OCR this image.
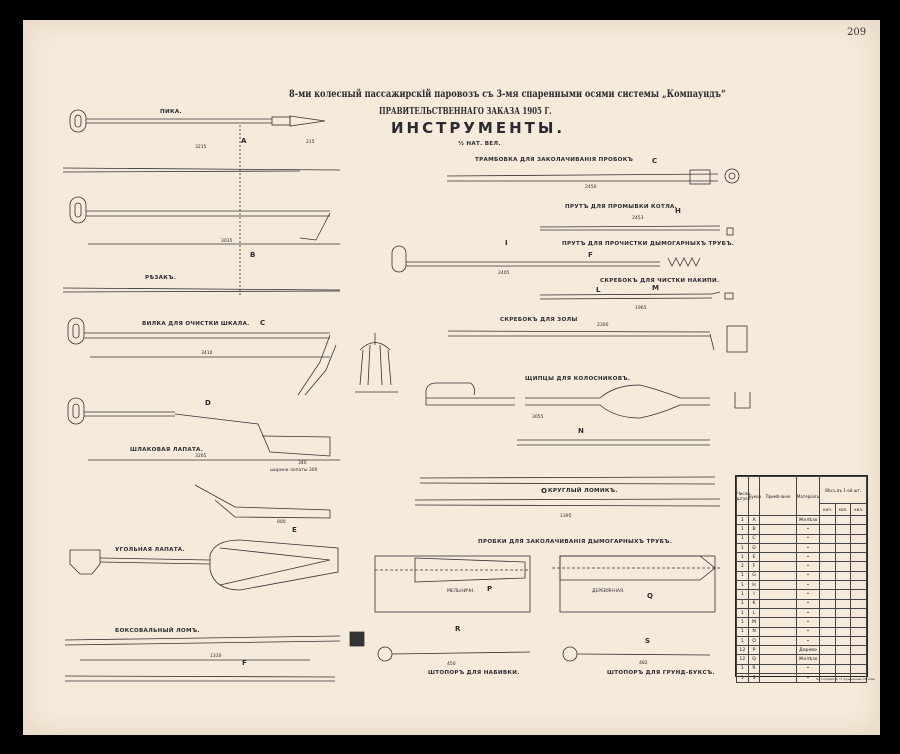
209
8-ми колесный пассажирскій паровозъ съ 3-мя спаренными осями системы „Компаундъ“
ПРАВИТЕЛЬСТВЕННАГО ЗАКАЗА 1905 Г.
ИНСТРУМЕНТЫ.
½ НАТ. ВЕЛ.
ПИКА.
РѢЗАКЪ.
ВИЛКА ДЛЯ ОЧИСТКИ ШКАЛА.
ШЛАКОВАЯ ЛАПАТА.
ширина лопаты 300
УГОЛЬНАЯ ЛАПАТА.
БОКСОВАЛЬНЫЙ ЛОМЪ.
ТРАМБОВКА ДЛЯ ЗАКОЛАЧИВАНІЯ ПРОБОКЪ
ПРУТЪ ДЛЯ ПРОМЫВКИ КОТЛА.
ПРУТЪ ДЛЯ ПРОЧИСТКИ ДЫМОГАРНЫХЪ ТРУБЪ.
СКРЕБОКЪ ДЛЯ ЧИСТКИ НАКИПИ.
СКРЕБОКЪ ДЛЯ ЗОЛЫ
ЩИПЦЫ ДЛЯ КОЛОСНИКОВЪ.
КРУГЛЫЙ ЛОМИКЪ.
ПРОБКИ ДЛЯ ЗАКОЛАЧИВАНІЯ ДЫМОГАРНЫХЪ ТРУБЪ.
МЕЛЬНИЧН.	ДЕРЕВЯННАЯ.
ШТОПОРЪ ДЛЯ НАБИВКИ.	ШТОПОРЪ ДЛЯ ГРУНД-БУКСЪ.
A
B
C
D
E
F
C
H
I
F
L	M
N
O
P
Q
R
S
3215
215
3035
3410
3265
340
800
1330
2450
2453
2405
1965
2300
3055
1395
450	482
Число штукъ	Буква	Примѣчаніе	Матеріалъ	Вѣсъ въ 1-ой шт.		
				кил.	кил.	кил.
1	A		Желѣзо			
1	B		•			
1	C		•			
1	D		•			
1	E		•			
2	F		•			
1	G		•			
1	H		•			
1	I		•			
1	K		•			
1	L		•			
1	M		•			
1	N		•			
1	O		•			
12	P		Дерево			
12	Q		Желѣзо			
1	R		•			
1	S		•			Литографія Д. Н. Кушнерева, Москва
